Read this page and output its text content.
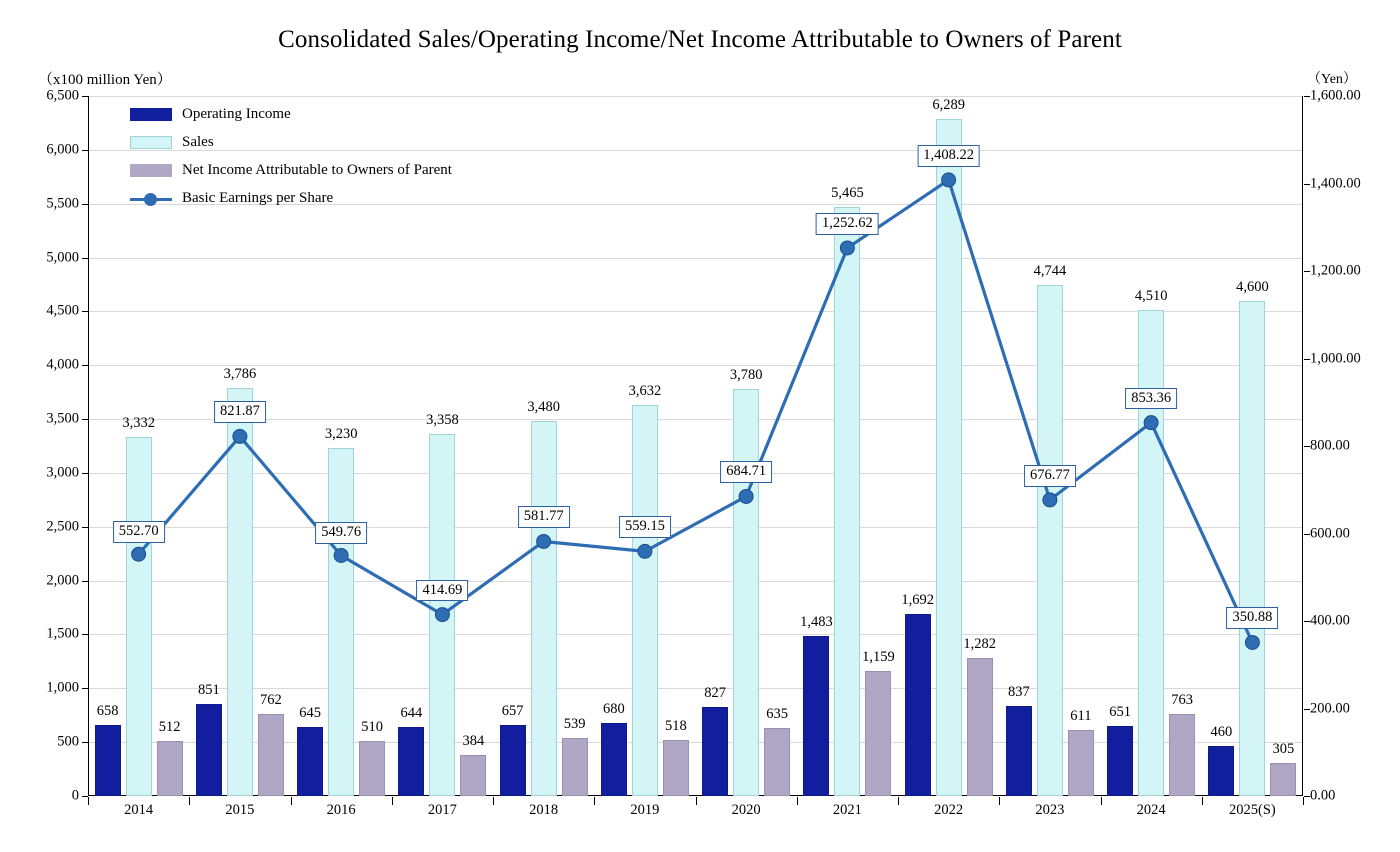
Consolidated Sales/Operating Income/Net Income Attributable to Owners of Parent
（x100 million Yen）	（Yen）
0
500
1,000
1,500
2,000
2,500
3,000
3,500
4,000
4,500
5,000
5,500
6,000
6,500
0.00
200.00
400.00
600.00
800.00
1,000.00
1,200.00
1,400.00
1,600.00
658
3,332
512
851
3,786
762
645
3,230
510
644
3,358
384
657
3,480
539
680
3,632
518
827
3,780
635
1,483
5,465
1,159
1,692
6,289
1,282
837
4,744
611 651
4,510
763
460
4,600
305
552.70
821.87
549.76
414.69
581.77
559.15
684.71
1,252.62
1,408.22
676.77
853.36
350.88
2014	2015	2016	2017	2018	2019	2020	2021	2022	2023	2024	2025(S)
Operating Income
Sales
Net Income Attributable to Owners of Parent
Basic Earnings per Share
